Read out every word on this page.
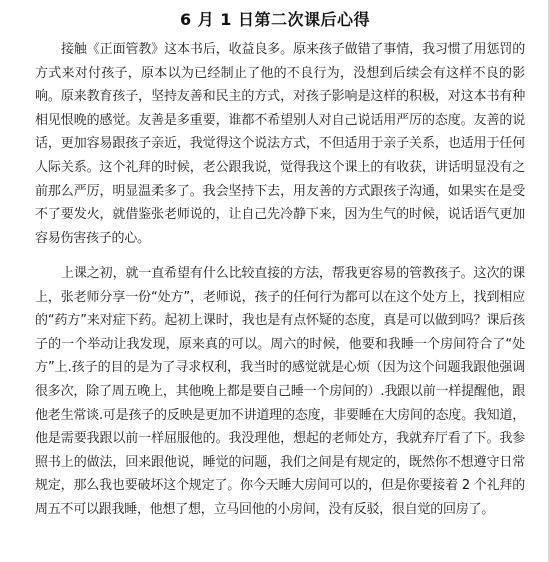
6 月 1 日第二次课后心得

接触《正面管教》这本书后，收益良多。原来孩子做错了事情，我习惯了用惩罚的方式来对付孩子，原本以为已经制止了他的不良行为，没想到后续会有这样不良的影响。原来教育孩子，坚持友善和民主的方式，对孩子影响是这样的积极，对这本书有种相见恨晚的感觉。友善是多重要，谁都不希望别人对自己说话用严厉的态度。友善的说话，更加容易跟孩子亲近，我觉得这个说法方式，不但适用于亲子关系，也适用于任何人际关系。这个礼拜的时候，老公跟我说，觉得我这个课上的有收获，讲话明显没有之前那么严厉，明显温柔多了。我会坚持下去，用友善的方式跟孩子沟通，如果实在是受不了要发火，就借鉴张老师说的，让自己先冷静下来，因为生气的时候，说话语气更加容易伤害孩子的心。

上课之初，就一直希望有什么比较直接的方法，帮我更容易的管教孩子。这次的课上，张老师分享一份“处方”，老师说，孩子的任何行为都可以在这个处方上，找到相应的“药方”来对症下药。起初上课时，我也是有点怀疑的态度，真是可以做到吗？课后孩子的一个举动让我发现，原来真的可以。周六的时候，他要和我睡一个房间符合了“处方”上.孩子的目的是为了寻求权利，我当时的感觉就是心烦（因为这个问题我跟他强调很多次，除了周五晚上，其他晚上都是要自己睡一个房间的）.我跟以前一样提醒他，跟他老生常谈.可是孩子的反映是更加不讲道理的态度，非要睡在大房间的态度。我知道，他是需要我跟以前一样屈服他的。我没理他，想起的老师处方，我就弃厅看了下。我参照书上的做法，回来跟他说，睡觉的问题，我们之间是有规定的，既然你不想遵守日常规定，那么我也要破坏这个规定了。你今天睡大房间可以的，但是你要接着 2 个礼拜的周五不可以跟我睡，他想了想，立马回他的小房间，没有反驳，很自觉的回房了。
